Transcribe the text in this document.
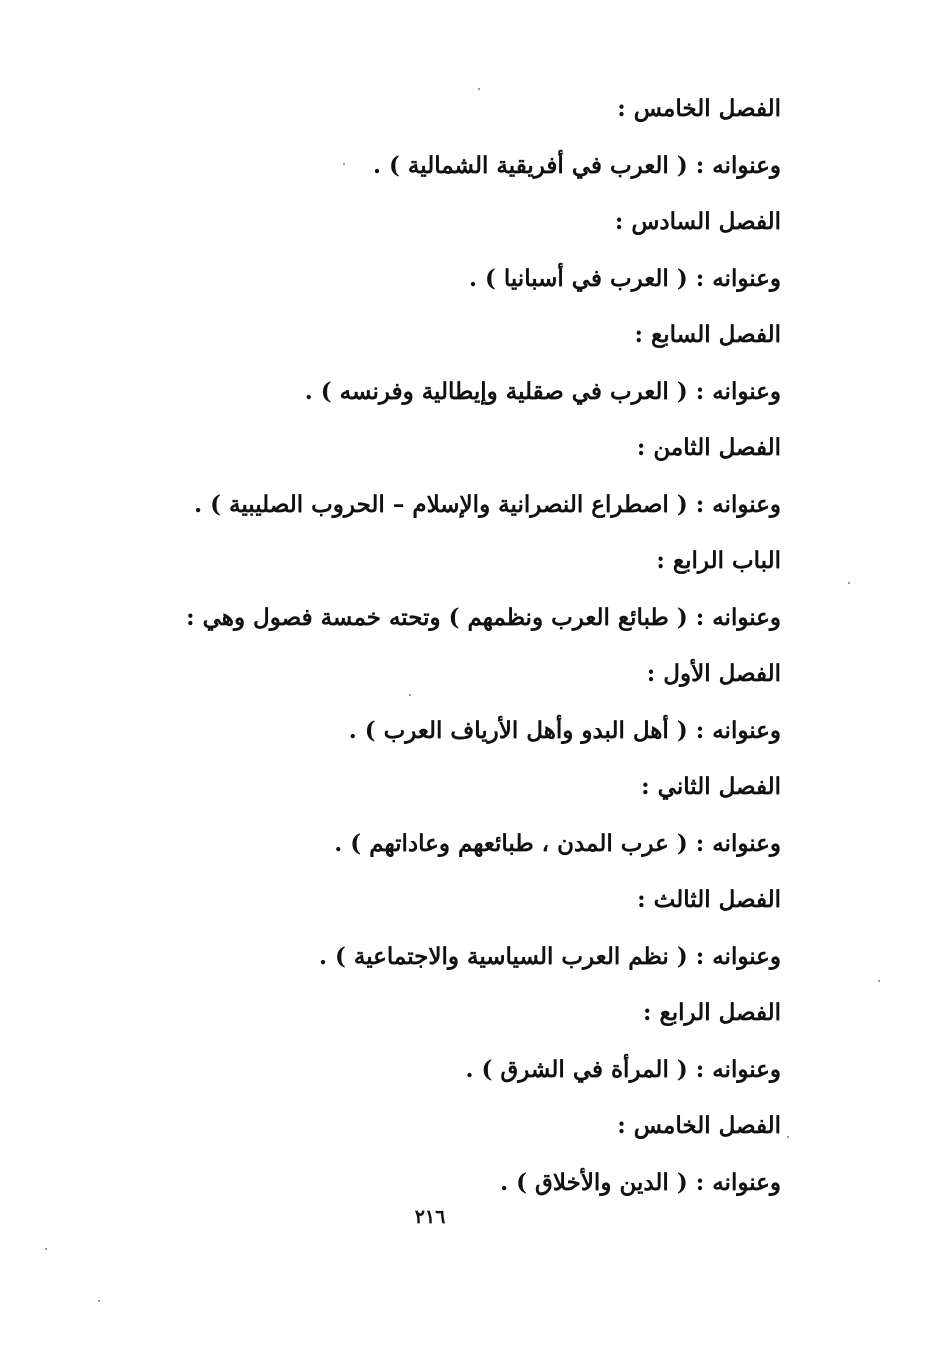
الفصل الخامس :
وعنوانه : ( العرب في أفريقية الشمالية ) .
الفصل السادس :
وعنوانه : ( العرب في أسبانيا ) .
الفصل السابع :
وعنوانه : ( العرب في صقلية وإيطالية وفرنسه ) .
الفصل الثامن :
وعنوانه : ( اصطراع النصرانية والإسلام – الحروب الصليبية ) .
الباب الرابع :
وعنوانه : ( طبائع العرب ونظمهم ) وتحته خمسة فصول وهي :
الفصل الأول :
وعنوانه : ( أهل البدو وأهل الأرياف العرب ) .
الفصل الثاني :
وعنوانه : ( عرب المدن ، طبائعهم وعاداتهم ) .
الفصل الثالث :
وعنوانه : ( نظم العرب السياسية والاجتماعية ) .
الفصل الرابع :
وعنوانه : ( المرأة في الشرق ) .
الفصل الخامس :
وعنوانه : ( الدين والأخلاق ) .
٢١٦
